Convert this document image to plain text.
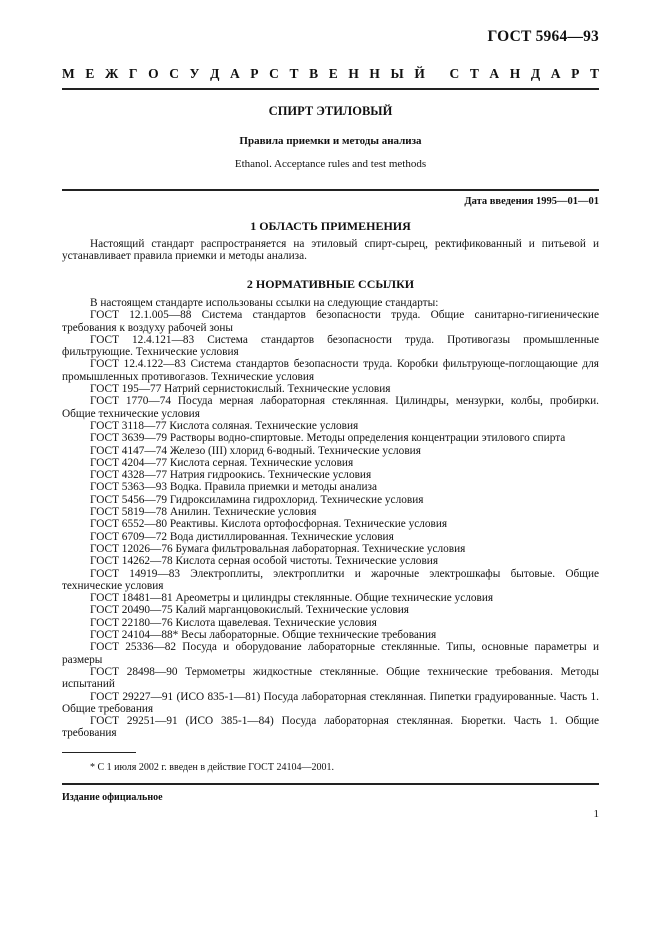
ГОСТ 5964—93
М Е Ж Г О С У Д А Р С Т В Е Н Н Ы Й
С Т А Н Д А Р Т
СПИРТ ЭТИЛОВЫЙ
Правила приемки и методы анализа
Ethanol. Acceptance rules and test methods
Дата введения 1995—01—01
1 ОБЛАСТЬ ПРИМЕНЕНИЯ
Настоящий стандарт распространяется на этиловый спирт-сырец, ректификованный и питьевой и устанавливает правила приемки и методы анализа.
2 НОРМАТИВНЫЕ ССЫЛКИ
В настоящем стандарте использованы ссылки на следующие стандарты:
ГОСТ 12.1.005—88 Система стандартов безопасности труда. Общие санитарно-гигиенические требования к воздуху рабочей зоны
ГОСТ 12.4.121—83 Система стандартов безопасности труда. Противогазы промышленные фильтрующие. Технические условия
ГОСТ 12.4.122—83 Система стандартов безопасности труда. Коробки фильтрующе-поглощающие для промышленных противогазов. Технические условия
ГОСТ 195—77 Натрий сернистокислый. Технические условия
ГОСТ 1770—74 Посуда мерная лабораторная стеклянная. Цилиндры, мензурки, колбы, пробирки. Общие технические условия
ГОСТ 3118—77 Кислота соляная. Технические условия
ГОСТ 3639—79 Растворы водно-спиртовые. Методы определения концентрации этилового спирта
ГОСТ 4147—74 Железо (III) хлорид 6-водный. Технические условия
ГОСТ 4204—77 Кислота серная. Технические условия
ГОСТ 4328—77 Натрия гидроокись. Технические условия
ГОСТ 5363—93 Водка. Правила приемки и методы анализа
ГОСТ 5456—79 Гидроксиламина гидрохлорид. Технические условия
ГОСТ 5819—78 Анилин. Технические условия
ГОСТ 6552—80 Реактивы. Кислота ортофосфорная. Технические условия
ГОСТ 6709—72 Вода дистиллированная. Технические условия
ГОСТ 12026—76 Бумага фильтровальная лабораторная. Технические условия
ГОСТ 14262—78 Кислота серная особой чистоты. Технические условия
ГОСТ 14919—83 Электроплиты, электроплитки и жарочные электрошкафы бытовые. Общие технические условия
ГОСТ 18481—81 Ареометры и цилиндры стеклянные. Общие технические условия
ГОСТ 20490—75 Калий марганцовокислый. Технические условия
ГОСТ 22180—76 Кислота щавелевая. Технические условия
ГОСТ 24104—88* Весы лабораторные. Общие технические требования
ГОСТ 25336—82 Посуда и оборудование лабораторные стеклянные. Типы, основные параметры и размеры
ГОСТ 28498—90 Термометры жидкостные стеклянные. Общие технические требования. Методы испытаний
ГОСТ 29227—91 (ИСО 835-1—81) Посуда лабораторная стеклянная. Пипетки градуированные. Часть 1. Общие требования
ГОСТ 29251—91 (ИСО 385-1—84) Посуда лабораторная стеклянная. Бюретки. Часть 1. Общие требования
* С 1 июля 2002 г. введен в действие ГОСТ 24104—2001.
Издание официальное
1
